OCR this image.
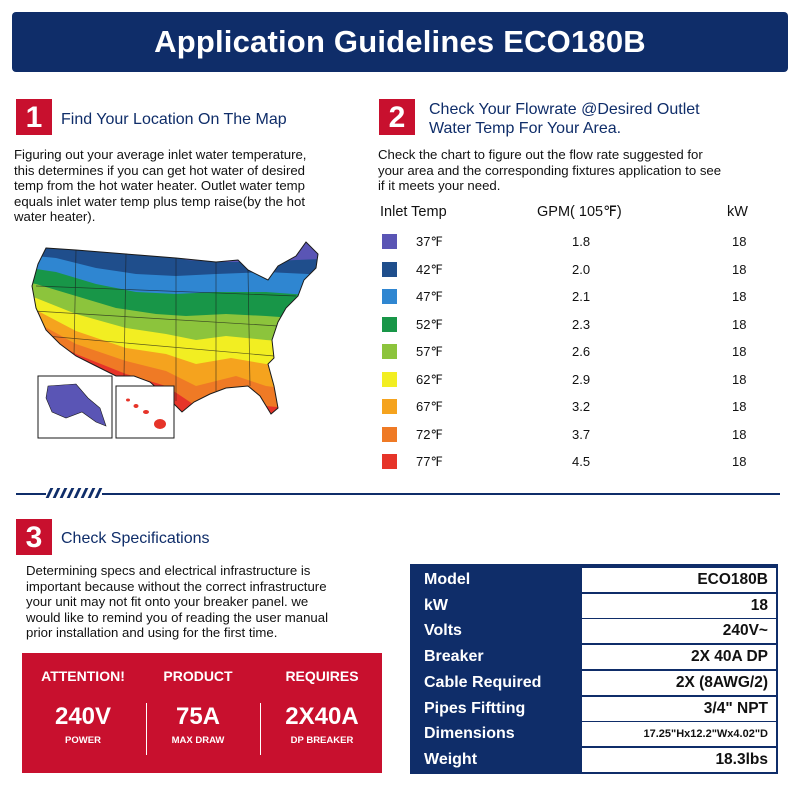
Application Guidelines ECO180B
1	Find Your Location On The Map
Figuring out your average inlet water temperature,
this determines if you can get hot water of desired
temp from the hot water heater. Outlet water temp
equals inlet water temp plus temp raise(by the hot
water heater).
2	Check Your Flowrate @Desired Outlet
Water Temp For Your Area.
Check the chart to figure out the flow rate suggested for
your area and the corresponding fixtures application to see
if it meets your need.
Inlet Temp	GPM( 105℉)	kW
37℉	1.8	18
42℉	2.0	18
47℉	2.1	18
52℉	2.3	18
57℉	2.6	18
62℉	2.9	18
67℉	3.2	18
72℉	3.7	18
77℉	4.5	18
3	Check Specifications
Determining specs and electrical infrastructure is
important because without the correct infrastructure
your unit may not fit onto your breaker panel. we
would like to remind you of reading the user manual
prior installation and using for the first time.
ATTENTION!
240V
POWER
PRODUCT
75A
MAX DRAW
REQUIRES
2X40A
DP BREAKER
Model	ECO180B
kW	18
Volts	240V~
Breaker	2X 40A DP
Cable Required	2X (8AWG/2)
Pipes Fiftting	3/4" NPT
Dimensions	17.25"Hx12.2"Wx4.02"D
Weight	18.3lbs
